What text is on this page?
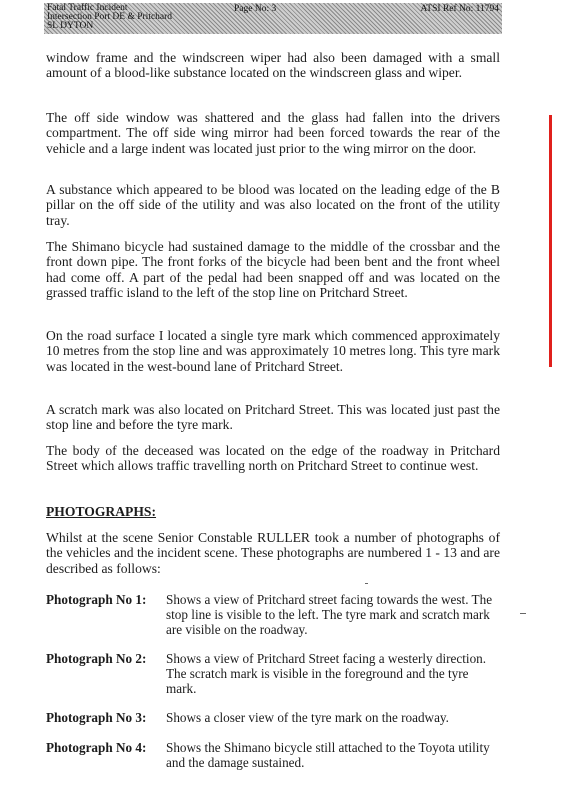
Fatal Traffic Incident
Intersection Port DE & Pritchard
SL DYTON
Page No: 3	ATSI Ref No: 11794

window frame and the windscreen wiper had also been damaged with a small amount of a blood-like substance located on the windscreen glass and wiper.

The off side window was shattered and the glass had fallen into the drivers compartment. The off side wing mirror had been forced towards the rear of the vehicle and a large indent was located just prior to the wing mirror on the door.

A substance which appeared to be blood was located on the leading edge of the B pillar on the off side of the utility and was also located on the front of the utility tray.

The Shimano bicycle had sustained damage to the middle of the crossbar and the front down pipe. The front forks of the bicycle had been bent and the front wheel had come off. A part of the pedal had been snapped off and was located on the grassed traffic island to the left of the stop line on Pritchard Street.

On the road surface I located a single tyre mark which commenced approximately 10 metres from the stop line and was approximately 10 metres long. This tyre mark was located in the west-bound lane of Pritchard Street.

A scratch mark was also located on Pritchard Street. This was located just past the stop line and before the tyre mark.

The body of the deceased was located on the edge of the roadway in Pritchard Street which allows traffic travelling north on Pritchard Street to continue west.

PHOTOGRAPHS:

Whilst at the scene Senior Constable RULLER took a number of photographs of the vehicles and the incident scene. These photographs are numbered 1 - 13 and are described as follows:

Photograph No 1: Shows a view of Pritchard street facing towards the west. The stop line is visible to the left. The tyre mark and scratch mark are visible on the roadway.
Photograph No 2: Shows a view of Pritchard Street facing a westerly direction. The scratch mark is visible in the foreground and the tyre mark.
Photograph No 3: Shows a closer view of the tyre mark on the roadway.
Photograph No 4: Shows the Shimano bicycle still attached to the Toyota utility and the damage sustained.
